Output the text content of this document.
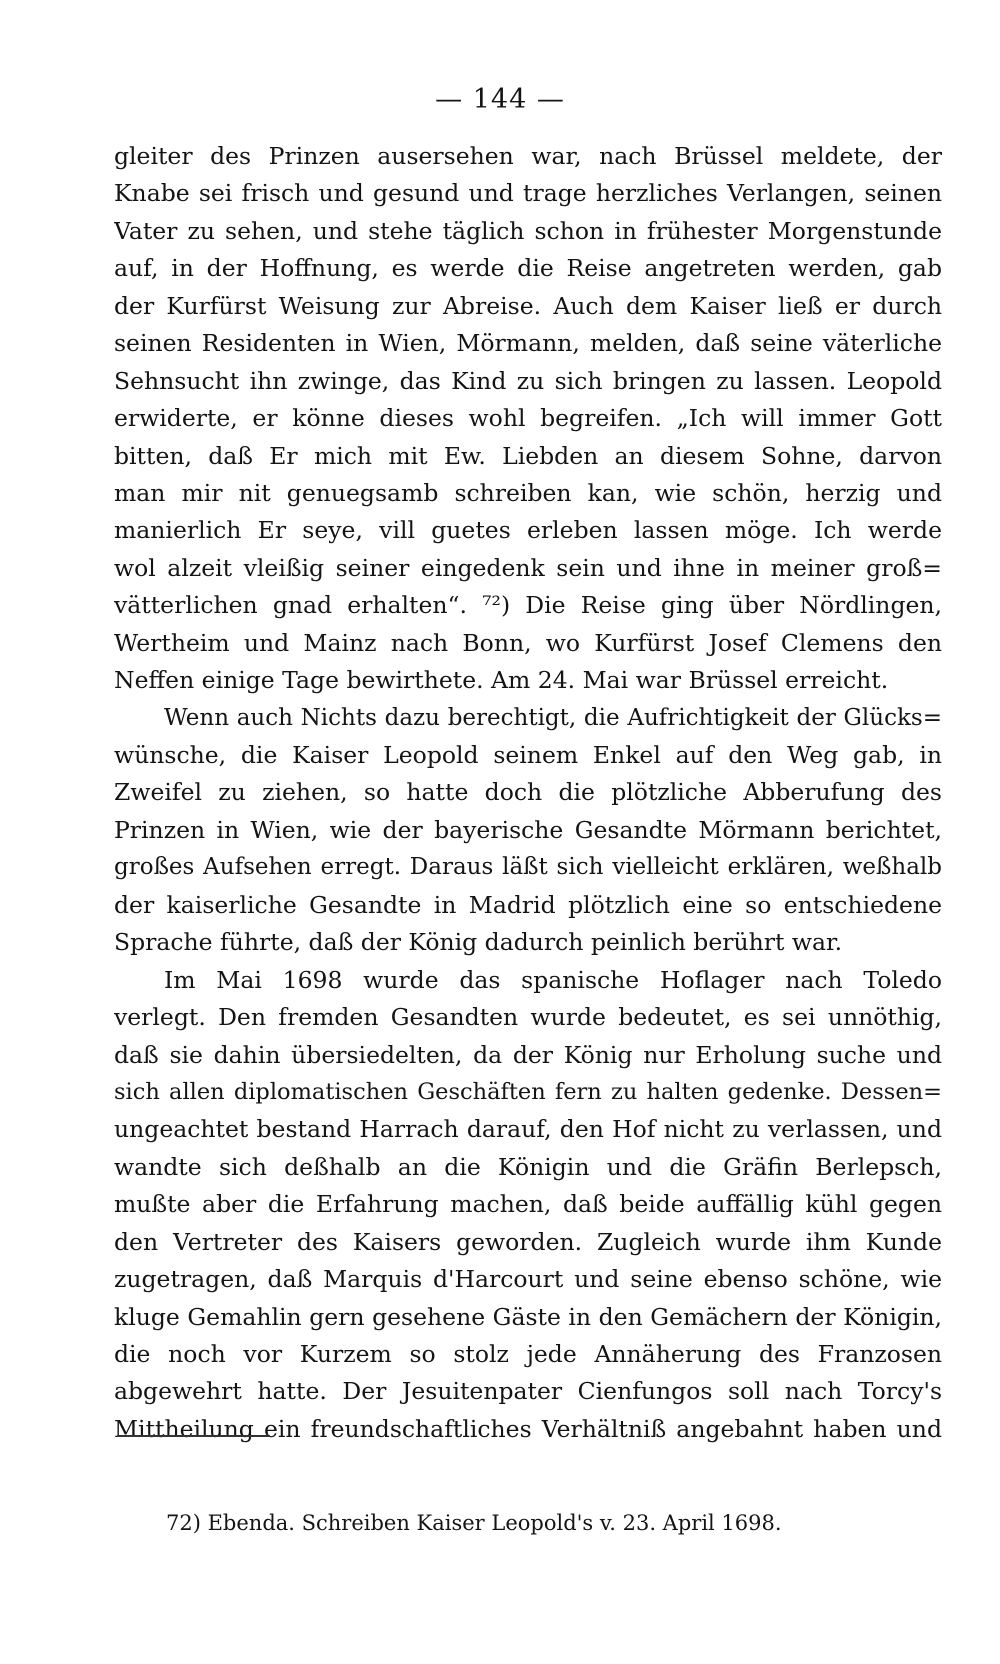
— 144 —
gleiter des Prinzen ausersehen war, nach Brüssel meldete, der
Knabe sei frisch und gesund und trage herzliches Verlangen, seinen
Vater zu sehen, und stehe täglich schon in frühester Morgenstunde
auf, in der Hoffnung, es werde die Reise angetreten werden, gab
der Kurfürst Weisung zur Abreise. Auch dem Kaiser ließ er durch
seinen Residenten in Wien, Mörmann, melden, daß seine väterliche
Sehnsucht ihn zwinge, das Kind zu sich bringen zu lassen. Leopold
erwiderte, er könne dieses wohl begreifen. „Ich will immer Gott
bitten, daß Er mich mit Ew. Liebden an diesem Sohne, darvon
man mir nit genuegsamb schreiben kan, wie schön, herzig und
manierlich Er seye, vill guetes erleben lassen möge. Ich werde
wol alzeit vleißig seiner eingedenk sein und ihne in meiner groß=
vätterlichen gnad erhalten“. ⁷²) Die Reise ging über Nördlingen,
Wertheim und Mainz nach Bonn, wo Kurfürst Josef Clemens den
Neffen einige Tage bewirthete. Am 24. Mai war Brüssel erreicht.
Wenn auch Nichts dazu berechtigt, die Aufrichtigkeit der Glücks=
wünsche, die Kaiser Leopold seinem Enkel auf den Weg gab, in
Zweifel zu ziehen, so hatte doch die plötzliche Abberufung des
Prinzen in Wien, wie der bayerische Gesandte Mörmann berichtet,
großes Aufsehen erregt. Daraus läßt sich vielleicht erklären, weßhalb
der kaiserliche Gesandte in Madrid plötzlich eine so entschiedene
Sprache führte, daß der König dadurch peinlich berührt war.
Im Mai 1698 wurde das spanische Hoflager nach Toledo
verlegt. Den fremden Gesandten wurde bedeutet, es sei unnöthig,
daß sie dahin übersiedelten, da der König nur Erholung suche und
sich allen diplomatischen Geschäften fern zu halten gedenke. Dessen=
ungeachtet bestand Harrach darauf, den Hof nicht zu verlassen, und
wandte sich deßhalb an die Königin und die Gräfin Berlepsch,
mußte aber die Erfahrung machen, daß beide auffällig kühl gegen
den Vertreter des Kaisers geworden. Zugleich wurde ihm Kunde
zugetragen, daß Marquis d'Harcourt und seine ebenso schöne, wie
kluge Gemahlin gern gesehene Gäste in den Gemächern der Königin,
die noch vor Kurzem so stolz jede Annäherung des Franzosen
abgewehrt hatte. Der Jesuitenpater Cienfungos soll nach Torcy's
Mittheilung ein freundschaftliches Verhältniß angebahnt haben und
72) Ebenda. Schreiben Kaiser Leopold's v. 23. April 1698.
